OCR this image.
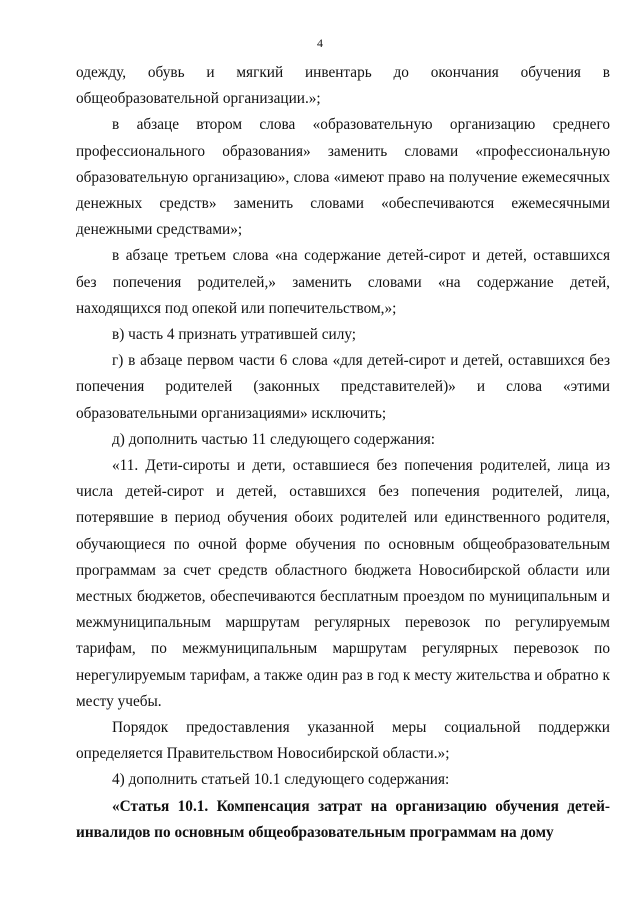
4

одежду, обувь и мягкий инвентарь до окончания обучения в общеобразовательной организации.»;

в абзаце втором слова «образовательную организацию среднего профессионального образования» заменить словами «профессиональную образовательную организацию», слова «имеют право на получение ежемесячных денежных средств» заменить словами «обеспечиваются ежемесячными денежными средствами»;

в абзаце третьем слова «на содержание детей-сирот и детей, оставшихся без попечения родителей,» заменить словами «на содержание детей, находящихся под опекой или попечительством,»;

в) часть 4 признать утратившей силу;

г) в абзаце первом части 6 слова «для детей-сирот и детей, оставшихся без попечения родителей (законных представителей)» и слова «этими образовательными организациями» исключить;

д) дополнить частью 11 следующего содержания:

«11. Дети-сироты и дети, оставшиеся без попечения родителей, лица из числа детей-сирот и детей, оставшихся без попечения родителей, лица, потерявшие в период обучения обоих родителей или единственного родителя, обучающиеся по очной форме обучения по основным общеобразовательным программам за счет средств областного бюджета Новосибирской области или местных бюджетов, обеспечиваются бесплатным проездом по муниципальным и межмуниципальным маршрутам регулярных перевозок по регулируемым тарифам, по межмуниципальным маршрутам регулярных перевозок по нерегулируемым тарифам, а также один раз в год к месту жительства и обратно к месту учебы.

Порядок предоставления указанной меры социальной поддержки определяется Правительством Новосибирской области.»;

4) дополнить статьей 10.1 следующего содержания:

«Статья 10.1. Компенсация затрат на организацию обучения детей-инвалидов по основным общеобразовательным программам на дому
